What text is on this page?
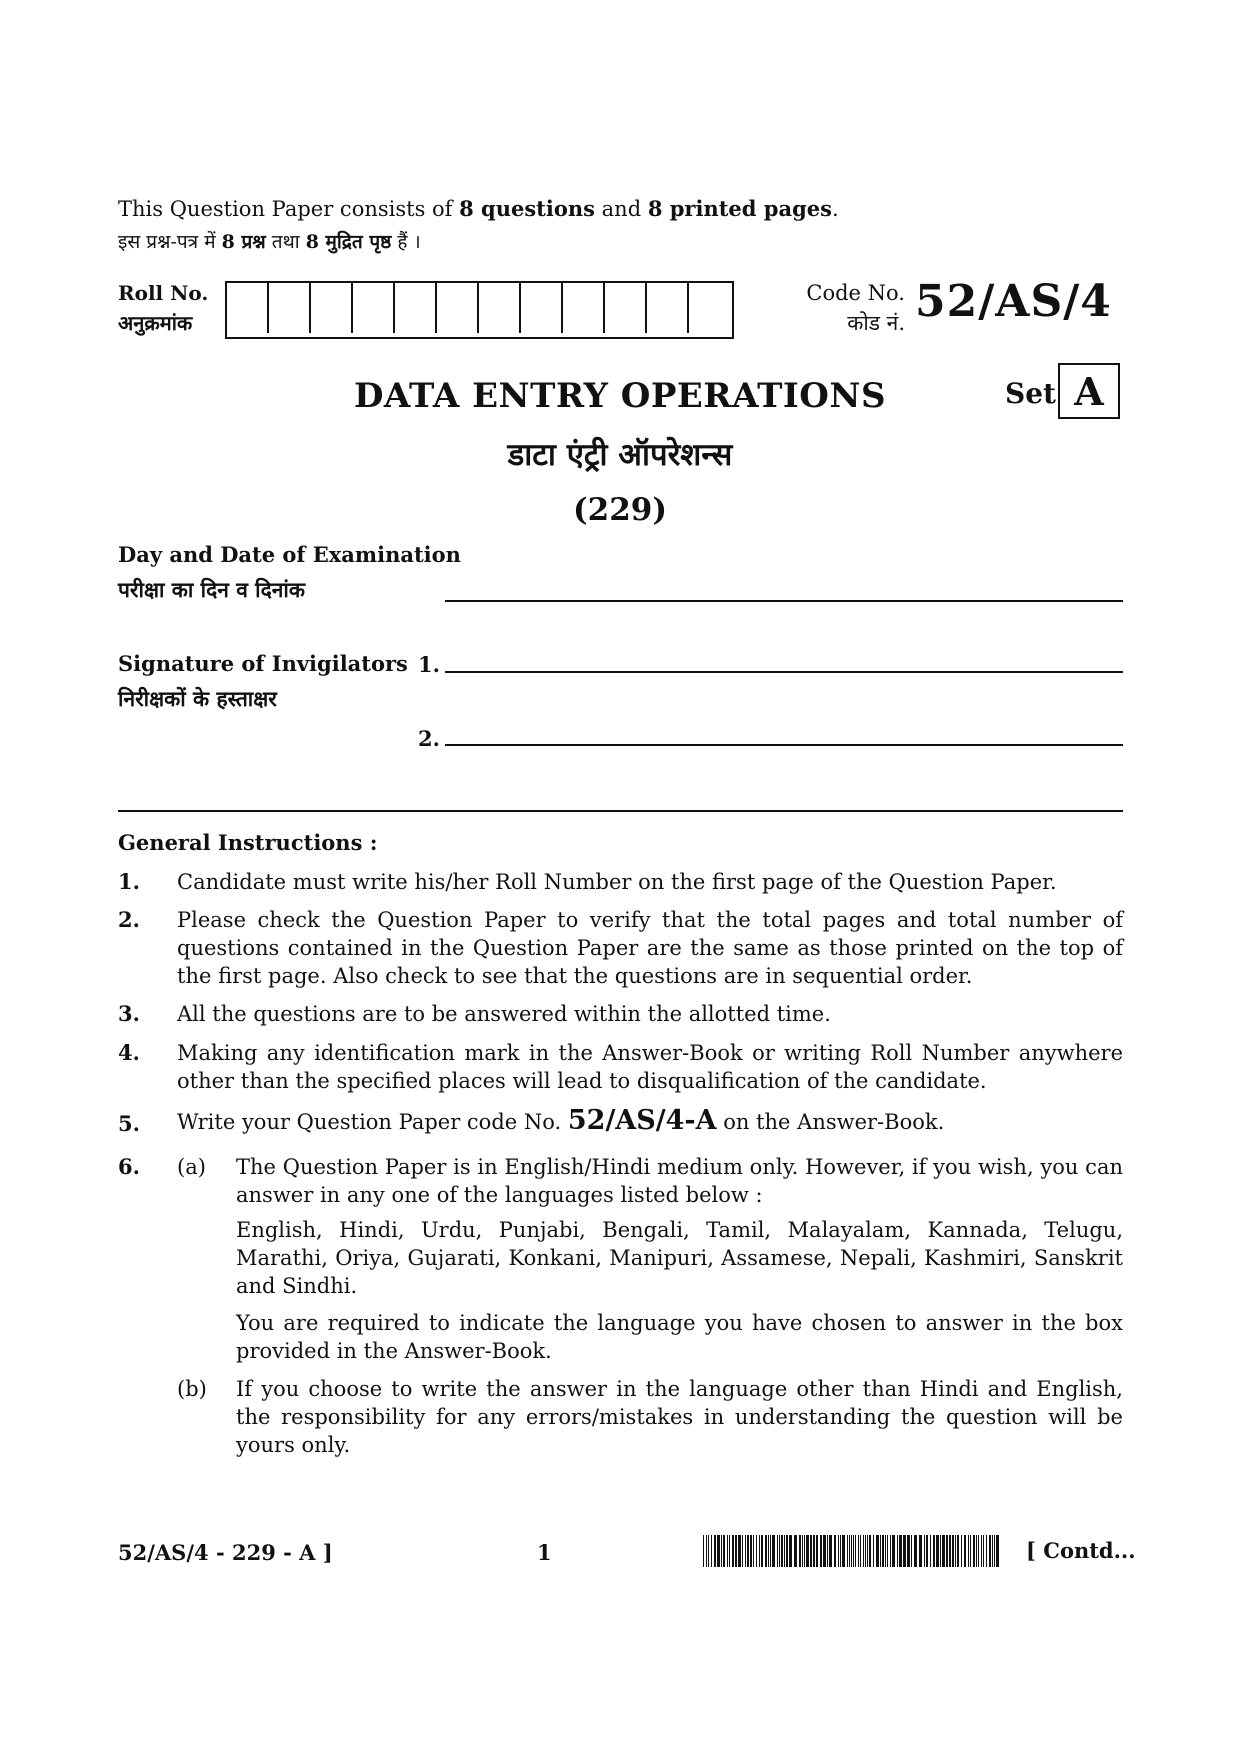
This Question Paper consists of 8 questions and 8 printed pages.
इस प्रश्न-पत्र में 8 प्रश्न तथा 8 मुद्रित पृष्ठ हैं ।
Roll No.
अनुक्रमांक
Code No.
कोड नं. 52/AS/4
DATA ENTRY OPERATIONS
डाटा एंट्री ऑपरेशन्स
(229)
Set A
Day and Date of Examination
परीक्षा का दिन व दिनांक
Signature of Invigilators
निरीक्षकों के हस्ताक्षर
1.
2.
General Instructions :
1. Candidate must write his/her Roll Number on the first page of the Question Paper.
2. Please check the Question Paper to verify that the total pages and total number of questions contained in the Question Paper are the same as those printed on the top of the first page. Also check to see that the questions are in sequential order.
3. All the questions are to be answered within the allotted time.
4. Making any identification mark in the Answer-Book or writing Roll Number anywhere other than the specified places will lead to disqualification of the candidate.
5. Write your Question Paper code No. 52/AS/4-A on the Answer-Book.
6. (a) The Question Paper is in English/Hindi medium only. However, if you wish, you can answer in any one of the languages listed below :
English, Hindi, Urdu, Punjabi, Bengali, Tamil, Malayalam, Kannada, Telugu, Marathi, Oriya, Gujarati, Konkani, Manipuri, Assamese, Nepali, Kashmiri, Sanskrit and Sindhi.
You are required to indicate the language you have chosen to answer in the box provided in the Answer-Book.
(b) If you choose to write the answer in the language other than Hindi and English, the responsibility for any errors/mistakes in understanding the question will be yours only.
52/AS/4 - 229 - A ]	1	[ Contd...
